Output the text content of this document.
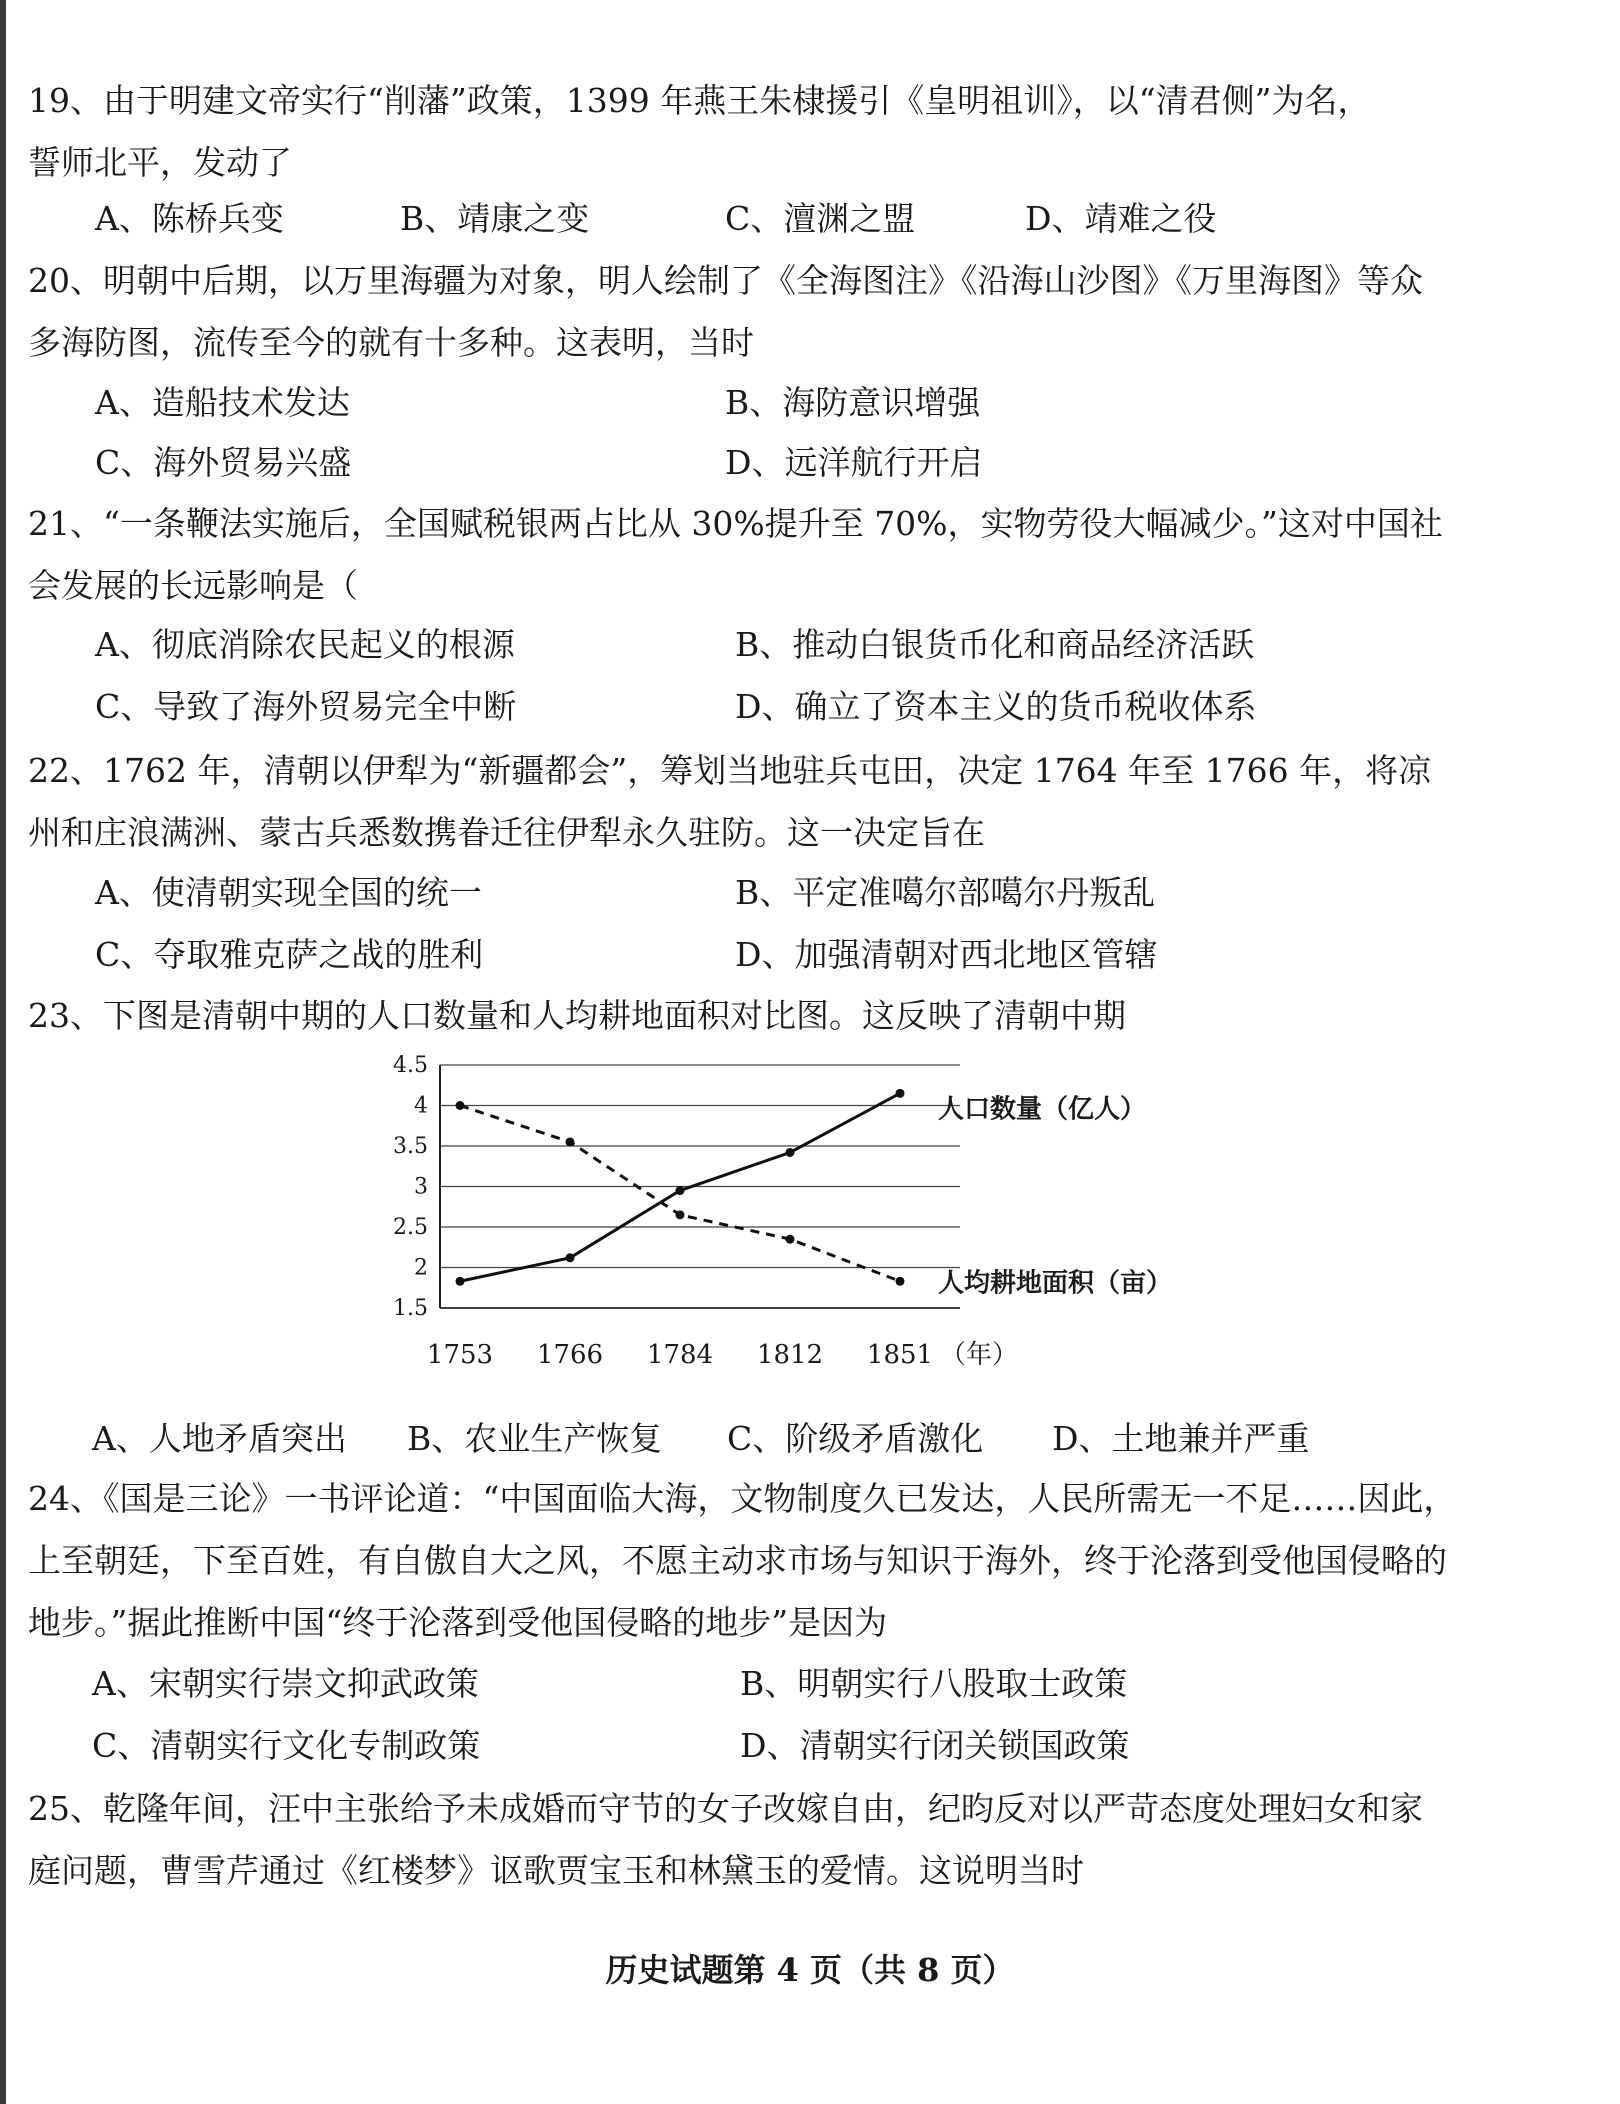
19、由于明建文帝实行“削藩”政策，1399 年燕王朱棣援引《皇明祖训》，以“清君侧”为名，

誓师北平，发动了

A、陈桥兵变	B、靖康之变	C、澶渊之盟	D、靖难之役

20、明朝中后期，以万里海疆为对象，明人绘制了《全海图注》《沿海山沙图》《万里海图》等众

多海防图，流传至今的就有十多种。这表明，当时

A、造船技术发达	B、海防意识增强
C、海外贸易兴盛	D、远洋航行开启

21、“一条鞭法实施后，全国赋税银两占比从 30%提升至 70%，实物劳役大幅减少。”这对中国社

会发展的长远影响是（

A、彻底消除农民起义的根源	B、推动白银货币化和商品经济活跃
C、导致了海外贸易完全中断	D、确立了资本主义的货币税收体系

22、1762 年，清朝以伊犁为“新疆都会”，筹划当地驻兵屯田，决定 1764 年至 1766 年，将凉

州和庄浪满洲、蒙古兵悉数携眷迁往伊犁永久驻防。这一决定旨在

A、使清朝实现全国的统一	B、平定准噶尔部噶尔丹叛乱
C、夺取雅克萨之战的胜利	D、加强清朝对西北地区管辖

23、下图是清朝中期的人口数量和人均耕地面积对比图。这反映了清朝中期

4.5
4
3.5
3
2.5
2
1.5
1753 1766 1784 1812 1851 （年）
人口数量（亿人）
人均耕地面积（亩）
A、人地矛盾突出 B、农业生产恢复 C、阶级矛盾激化 D、土地兼并严重

24、《国是三论》一书评论道：“中国面临大海，文物制度久已发达，人民所需无一不足……因此，

上至朝廷，下至百姓，有自傲自大之风，不愿主动求市场与知识于海外，终于沦落到受他国侵略的

地步。”据此推断中国“终于沦落到受他国侵略的地步”是因为

A、宋朝实行崇文抑武政策	B、明朝实行八股取士政策
C、清朝实行文化专制政策	D、清朝实行闭关锁国政策

25、乾隆年间，汪中主张给予未成婚而守节的女子改嫁自由，纪昀反对以严苛态度处理妇女和家

庭问题，曹雪芹通过《红楼梦》讴歌贾宝玉和林黛玉的爱情。这说明当时

历史试题第 4 页（共 8 页）
